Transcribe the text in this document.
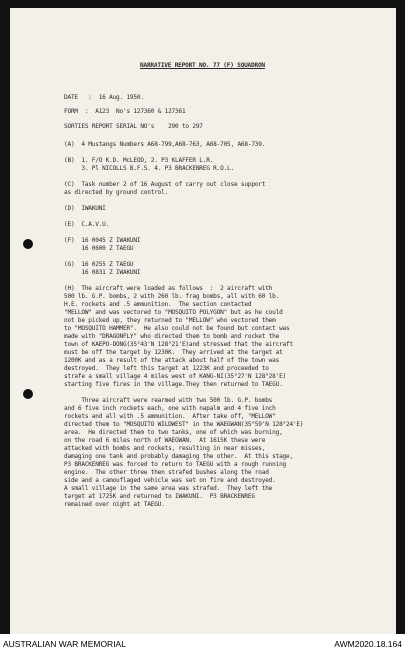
NARRATIVE REPORT NO. 77 (F) SQUADRON
DATE   :  16 Aug. 1950.
FORM  :  A123  No's 127360 & 127361
SORTIES REPORT SERIAL NO's    290 to 297
(A)  4 Mustangs Numbers A68-799,A68-763, A68-705, A68-739.
(B)  1. F/O K.D. McLEOD, 2. P3 KLAFFER L.R.
3. Pl NICOLLS B.F.S. 4. P3 BRACKENREG R.O.L.
(C)  Task number 2 of 16 August of carry out close support
as directed by ground control.
(D)  IWAKUNI
(E)  C.A.V.U.
(F)  16 0045 Z IWAKUNI
16 0600 Z TAEGU
(G)  16 0255 Z TAEGU
16 0831 Z IWAKUNI
(H)  The aircraft were loaded as follows  :  2 aircraft with
500 lb. G.P. bombs, 2 with 260 lb. frag bombs, all with 60 lb.
H.E. rockets and .5 ammunition.  The section contacted
"MELLOW" and was vectored to "MOSQUITO POLYGON" but as he could
not be picked up, they returned to "MELLOW" who vectored them
to "MOSQUITO HAMMER".  He also could not be found but contact was
made with "DRAGONFLY" who directed them to bomb and rocket the
town of KAEPO-DONG(35°43'N 128°21'E)and stressed that the aircraft
must be off the target by 1230K.  They arrived at the target at
1200K and as a result of the attack about half of the town was
destroyed.  They left this target at 1223K and proceeded to
strafe a small village 4 miles west of KANG-NI(35°27'N 128°28'E)
starting five fires in the village.They then returned to TAEGU.
Three aircraft were rearmed with two 500 lb. G.P. bombs
and 6 five inch rockets each, one with napalm and 4 five inch
rockets and all with .5 ammunition.  After take off, "MELLOW"
directed them to "MOSQUITO WILDWEST" in the WAEGWAN(35°59'N 128°24'E)
area.  He directed them to two tanks, one of which was burning,
on the road 6 miles north of WAEGWAN.  At 1615K these were
attacked with bombs and rockets, resulting in near misses,
damaging one tank and probably damaging the other.  At this stage,
P3 BRACKENREG was forced to return to TAEGU with a rough running
engine.  The other three then strafed bushes along the road
side and a camouflaged vehicle was set on fire and destroyed.
A small village in the same area was strafed.  They left the
target at 1725K and returned to IWAKUNI.  P3 BRACKENREG
remained over night at TAEGU.
AUSTRALIAN WAR MEMORIAL	AWM2020.18.164
